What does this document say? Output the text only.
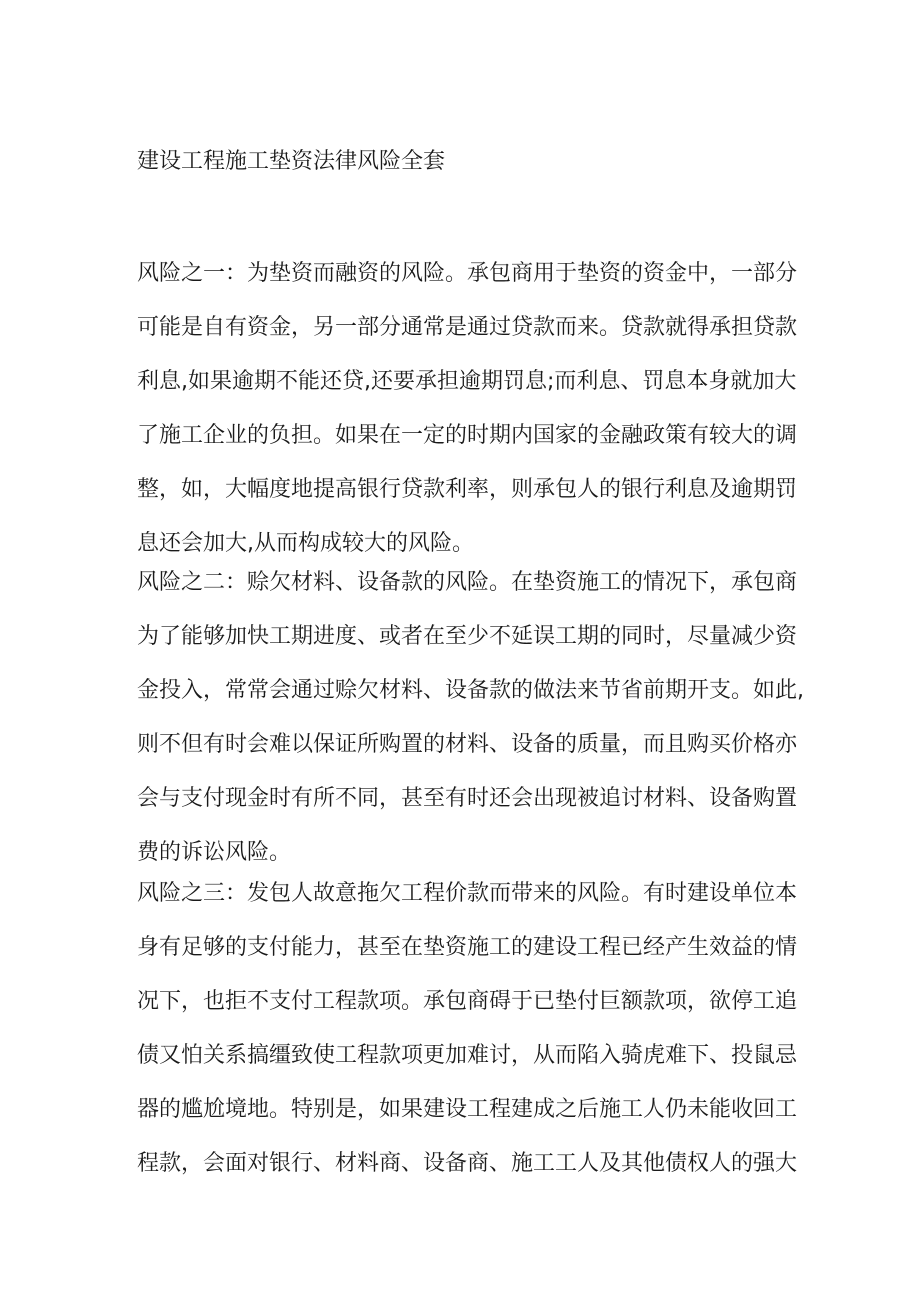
建设工程施工垫资法律风险全套
风险之一：为垫资而融资的风险。承包商用于垫资的资金中，一部分
可能是自有资金，另一部分通常是通过贷款而来。贷款就得承担贷款
利息,如果逾期不能还贷,还要承担逾期罚息;而利息、罚息本身就加大
了施工企业的负担。如果在一定的时期内国家的金融政策有较大的调
整，如，大幅度地提高银行贷款利率，则承包人的银行利息及逾期罚
息还会加大,从而构成较大的风险。
风险之二：赊欠材料、设备款的风险。在垫资施工的情况下，承包商
为了能够加快工期进度、或者在至少不延误工期的同时，尽量减少资
金投入，常常会通过赊欠材料、设备款的做法来节省前期开支。如此,
则不但有时会难以保证所购置的材料、设备的质量，而且购买价格亦
会与支付现金时有所不同，甚至有时还会出现被追讨材料、设备购置
费的诉讼风险。
风险之三：发包人故意拖欠工程价款而带来的风险。有时建设单位本
身有足够的支付能力，甚至在垫资施工的建设工程已经产生效益的情
况下，也拒不支付工程款项。承包商碍于已垫付巨额款项，欲停工追
债又怕关系搞缰致使工程款项更加难讨，从而陷入骑虎难下、投鼠忌
器的尴尬境地。特别是，如果建设工程建成之后施工人仍未能收回工
程款，会面对银行、材料商、设备商、施工工人及其他债权人的强大
